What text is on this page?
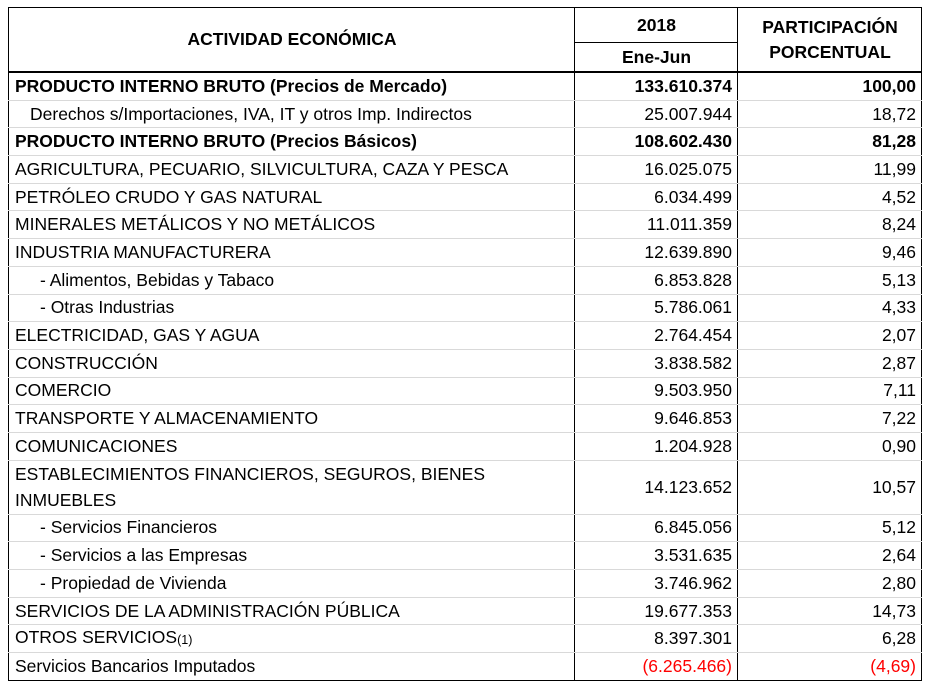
ACTIVIDAD ECONÓMICA	2018	PARTICIPACIÓN
PORCENTUAL

	Ene-Jun	
PRODUCTO INTERNO BRUTO (Precios de Mercado)	133.610.374	100,00
Derechos s/Importaciones, IVA, IT y otros Imp. Indirectos	25.007.944	18,72
PRODUCTO INTERNO BRUTO (Precios Básicos)	108.602.430	81,28
AGRICULTURA, PECUARIO, SILVICULTURA, CAZA Y PESCA	16.025.075	11,99
PETRÓLEO CRUDO Y GAS NATURAL	6.034.499	4,52
MINERALES METÁLICOS Y NO METÁLICOS	11.011.359	8,24
INDUSTRIA MANUFACTURERA	12.639.890	9,46
- Alimentos, Bebidas y Tabaco	6.853.828	5,13
- Otras Industrias	5.786.061	4,33
ELECTRICIDAD, GAS Y AGUA	2.764.454	2,07
CONSTRUCCIÓN	3.838.582	2,87
COMERCIO	9.503.950	7,11
TRANSPORTE Y ALMACENAMIENTO	9.646.853	7,22
COMUNICACIONES	1.204.928	0,90
ESTABLECIMIENTOS FINANCIEROS, SEGUROS, BIENES INMUEBLES	14.123.652	10,57
- Servicios Financieros	6.845.056	5,12
- Servicios a las Empresas	3.531.635	2,64
- Propiedad de Vivienda	3.746.962	2,80
SERVICIOS DE LA ADMINISTRACIÓN PÚBLICA	19.677.353	14,73
OTROS $SERVICIOS_{(1)}$	8.397.301	6,28
Servicios Bancarios Imputados	(6.265.466)	(4,69)
